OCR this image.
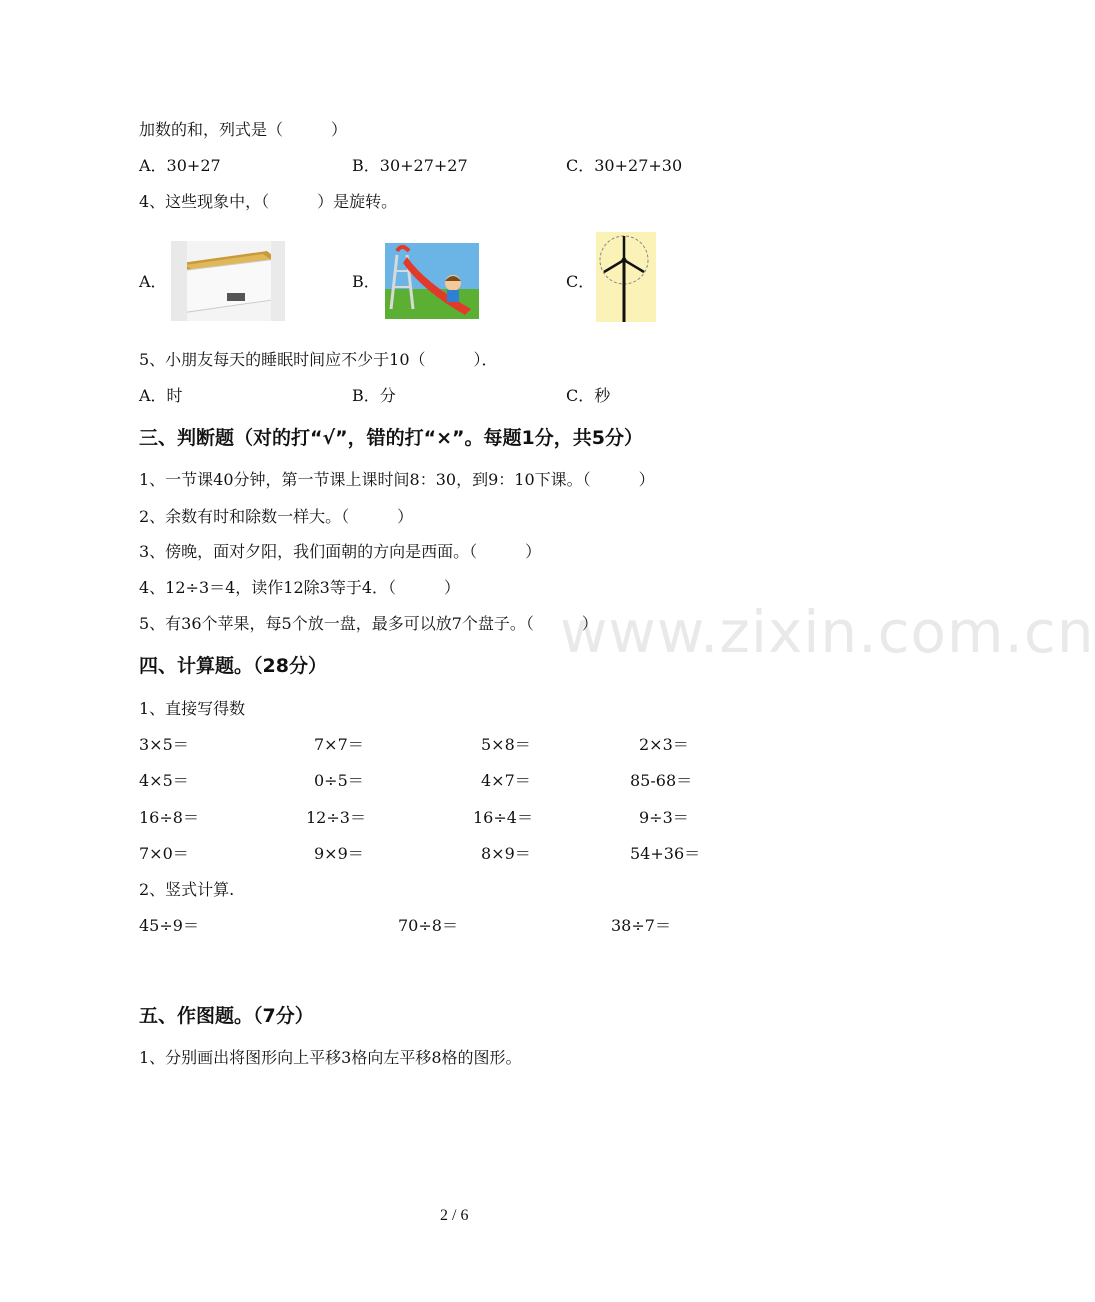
加数的和，列式是（　　　）
A．30+27	B．30+27+27	C．30+27+30
4、这些现象中，（　　　）是旋转。
A．	B．	C．
5、小朋友每天的睡眠时间应不少于10（　　　）．
A．时	B．分	C．秒
三、判断题（对的打“√”，错的打“×”。每题1分，共5分）
1、一节课40分钟，第一节课上课时间8：30，到9：10下课。（　　　）
2、余数有时和除数一样大。（　　　）
3、傍晚，面对夕阳，我们面朝的方向是西面。（　　　）
4、12÷3＝4，读作12除3等于4．（　　　）
5、有36个苹果，每5个放一盘，最多可以放7个盘子。（　　　）
www.zixin.com.cn
四、计算题。（28分）
1、直接写得数
3×5＝	7×7＝	5×8＝	2×3＝
4×5＝	0÷5＝	4×7＝	85-68＝
16÷8＝	12÷3＝	16÷4＝	9÷3＝
7×0＝	9×9＝	8×9＝	54+36＝
2、竖式计算.
45÷9＝	70÷8＝	38÷7＝
五、作图题。（7分）
1、分别画出将图形向上平移3格向左平移8格的图形。
2 / 6
